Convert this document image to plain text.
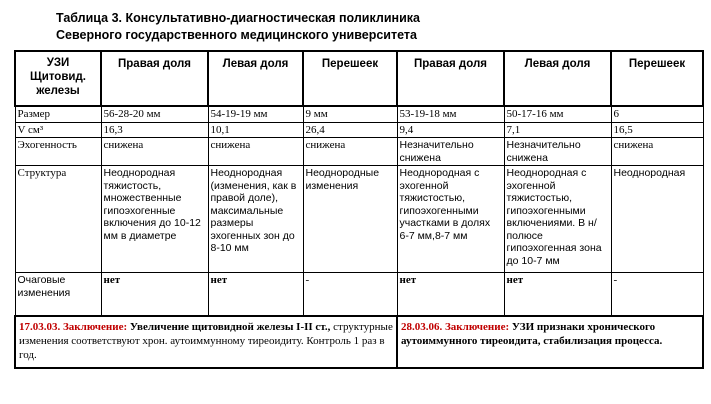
Таблица 3. Консультативно-диагностическая поликлиника
Северного государственного медицинского университета
УЗИ Щитовид. железы	Правая доля	Левая доля	Перешеек	Правая доля	Левая доля	Перешеек
Размер	56-28-20 мм	54-19-19 мм	9 мм	53-19-18 мм	50-17-16 мм	6
V см³	16,3	10,1	26,4	9,4	7,1	16,5
Эхогенность	снижена	снижена	снижена	Незначительно снижена	Незначительно снижена	снижена
Структура	Неоднородная тяжистость, множественные гипоэхогенные включения до 10-12 мм в диаметре	Неоднородная (изменения, как в правой доле), максимальные размеры эхогенных зон до 8-10 мм	Неоднородные изменения	Неоднородная с эхогенной тяжистостью, гипоэхогенными участками в долях 6-7 мм,8-7 мм	Неоднородная с эхогенной тяжистостью, гипоэхогенными включениями. В н/полюсе гипоэхогенная зона до 10-7 мм	Неоднородная
Очаговые изменения	нет	нет	-	нет	нет	-
17.03.03. Заключение: Увеличение щитовидной железы I-II ст., структурные изменения соответствуют хрон. аутоиммунному тиреоидиту. Контроль 1 раз в год.				28.03.06. Заключение: УЗИ признаки хронического аутоиммунного тиреоидита, стабилизация процесса.		
